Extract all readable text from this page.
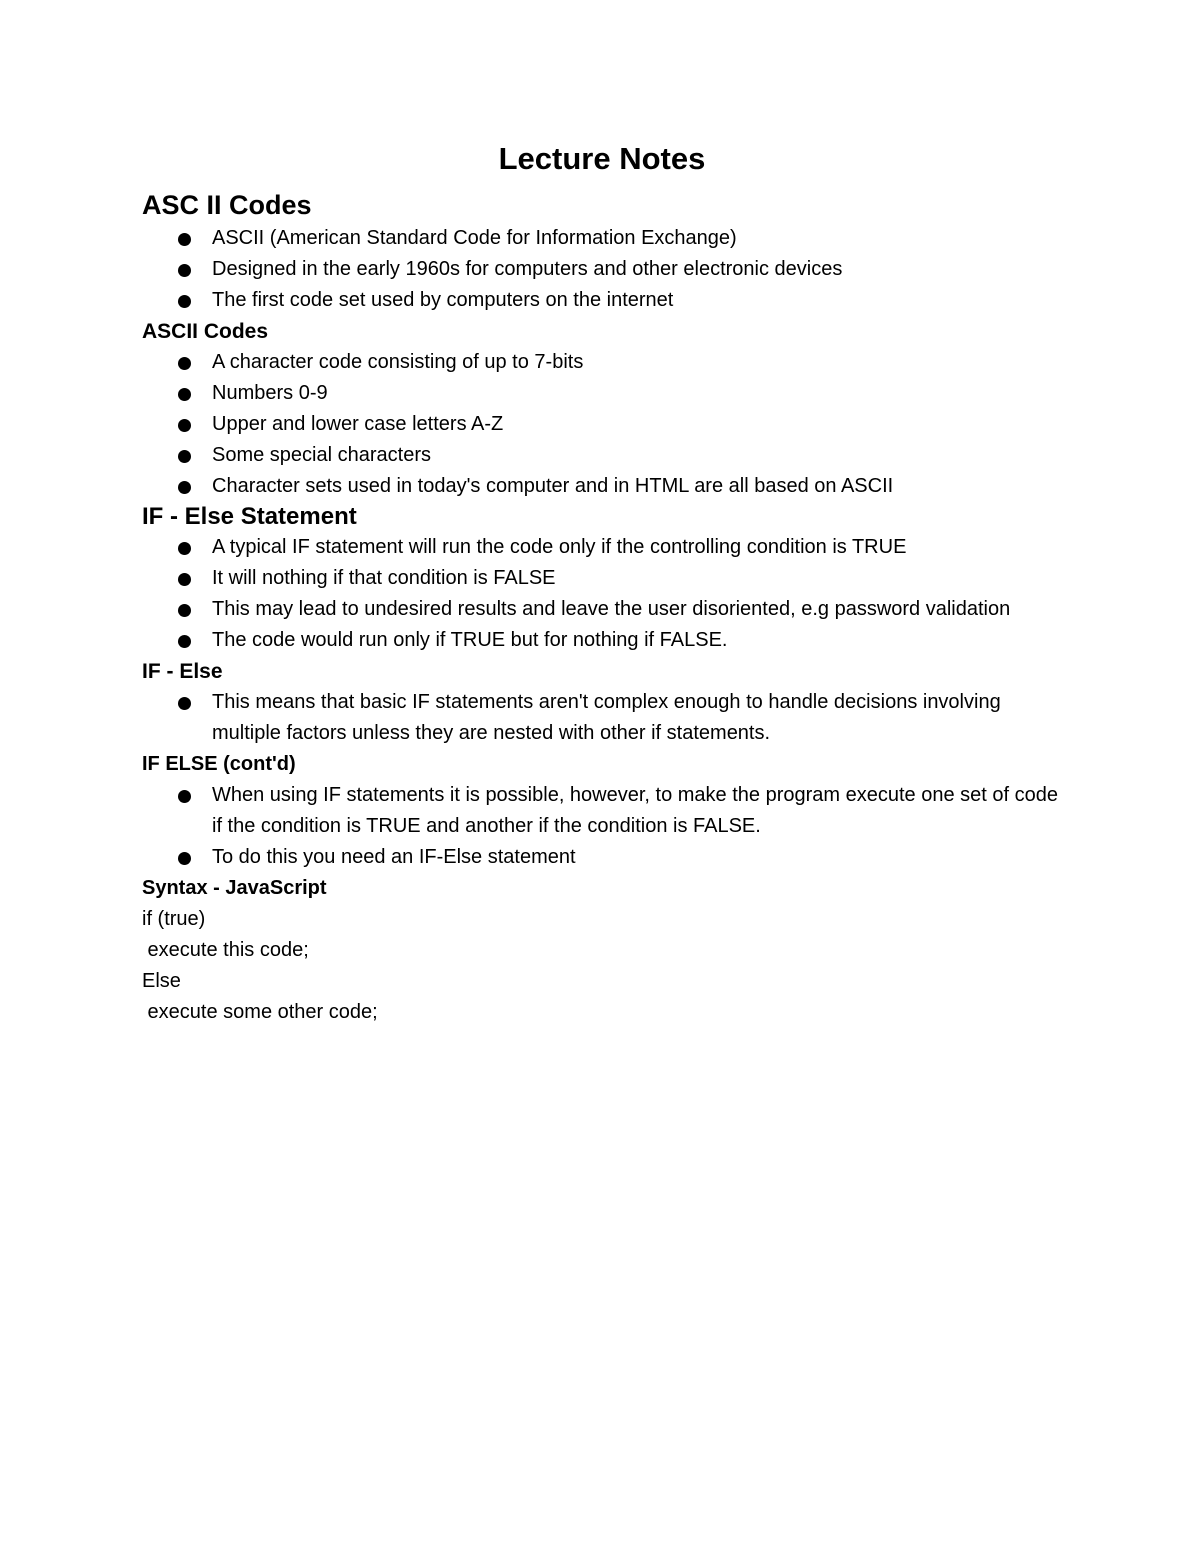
Lecture Notes
ASC II Codes
ASCII (American Standard Code for Information Exchange)
Designed in the early 1960s for computers and other electronic devices
The first code set used by computers on the internet
ASCII Codes
A character code consisting of up to 7-bits
Numbers 0-9
Upper and lower case letters A-Z
Some special characters
Character sets used in today's computer and in HTML are all based on ASCII
IF - Else Statement
A typical IF statement will run the code only if the controlling condition is TRUE
It will nothing if that condition is FALSE
This may lead to undesired results and leave the user disoriented, e.g password validation
The code would run only if TRUE but for nothing if FALSE.
IF - Else
This means that basic IF statements aren't complex enough to handle decisions involving multiple factors unless they are nested with other if statements.
IF ELSE (cont'd)
When using IF statements it is possible, however, to make the program execute one set of code if the condition is TRUE and another if the condition is FALSE.
To do this you need an IF-Else statement
Syntax - JavaScript

if (true)

execute this code;

Else

execute some other code;
